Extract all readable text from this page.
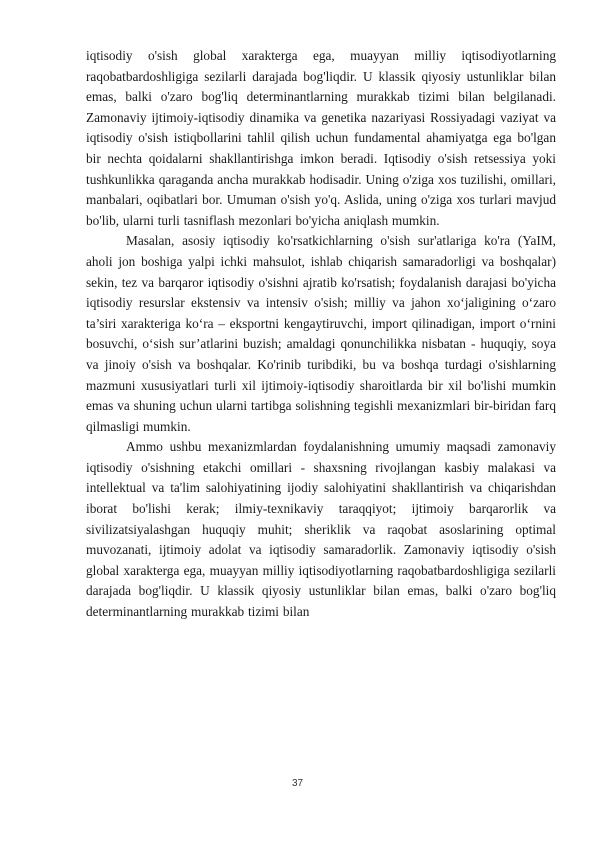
iqtisodiy o'sish global xarakterga ega, muayyan milliy iqtisodiyotlarning raqobatbardoshligiga sezilarli darajada bog'liqdir. U klassik qiyosiy ustunliklar bilan emas, balki o'zaro bog'liq determinantlarning murakkab tizimi bilan belgilanadi. Zamonaviy ijtimoiy-iqtisodiy dinamika va genetika nazariyasi Rossiyadagi vaziyat va iqtisodiy o'sish istiqbollarini tahlil qilish uchun fundamental ahamiyatga ega bo'lgan bir nechta qoidalarni shakllantirishga imkon beradi. Iqtisodiy o'sish retsessiya yoki tushkunlikka qaraganda ancha murakkab hodisadir. Uning o'ziga xos tuzilishi, omillari, manbalari, oqibatlari bor. Umuman o'sish yo'q. Aslida, uning o'ziga xos turlari mavjud bo'lib, ularni turli tasniflash mezonlari bo'yicha aniqlash mumkin.

Masalan, asosiy iqtisodiy ko'rsatkichlarning o'sish sur'atlariga ko'ra (YaIM, aholi jon boshiga yalpi ichki mahsulot, ishlab chiqarish samaradorligi va boshqalar) sekin, tez va barqaror iqtisodiy o'sishni ajratib ko'rsatish; foydalanish darajasi bo'yicha iqtisodiy resurslar ekstensiv va intensiv o'sish; milliy va jahon xo‘jaligining o‘zaro ta’siri xarakteriga ko‘ra – eksportni kengaytiruvchi, import qilinadigan, import o‘rnini bosuvchi, o‘sish sur’atlarini buzish; amaldagi qonunchilikka nisbatan - huquqiy, soya va jinoiy o'sish va boshqalar. Ko'rinib turibdiki, bu va boshqa turdagi o'sishlarning mazmuni xususiyatlari turli xil ijtimoiy-iqtisodiy sharoitlarda bir xil bo'lishi mumkin emas va shuning uchun ularni tartibga solishning tegishli mexanizmlari bir-biridan farq qilmasligi mumkin.

Ammo ushbu mexanizmlardan foydalanishning umumiy maqsadi zamonaviy iqtisodiy o'sishning etakchi omillari - shaxsning rivojlangan kasbiy malakasi va intellektual va ta'lim salohiyatining ijodiy salohiyatini shakllantirish va chiqarishdan iborat bo'lishi kerak; ilmiy-texnikaviy taraqqiyot; ijtimoiy barqarorlik va sivilizatsiyalashgan huquqiy muhit; sheriklik va raqobat asoslarining optimal muvozanati, ijtimoiy adolat va iqtisodiy samaradorlik. Zamonaviy iqtisodiy o'sish global xarakterga ega, muayyan milliy iqtisodiyotlarning raqobatbardoshligiga sezilarli darajada bog'liqdir. U klassik qiyosiy ustunliklar bilan emas, balki o'zaro bog'liq determinantlarning murakkab tizimi bilan

37
